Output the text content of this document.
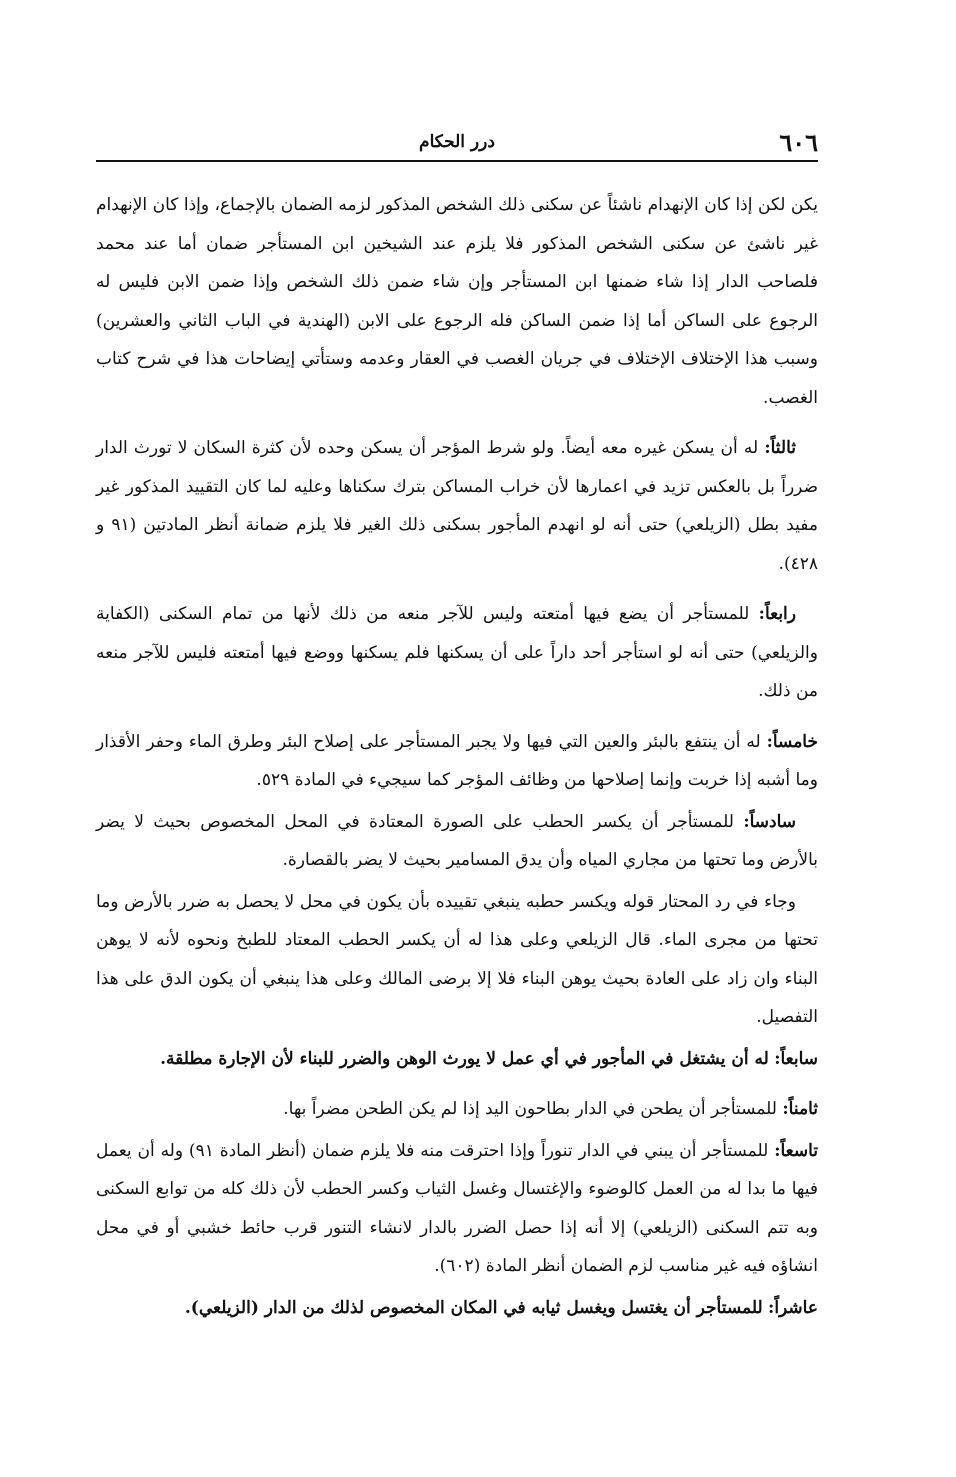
٦٠٦
درر الحكام

يكن لكن إذا كان الإنهدام ناشئاً عن سكنى ذلك الشخص المذكور لزمه الضمان بالإجماع، وإذا كان الإنهدام غير ناشئ عن سكنى الشخص المذكور فلا يلزم عند الشيخين ابن المستأجر ضمان أما عند محمد فلصاحب الدار إذا شاء ضمنها ابن المستأجر وإن شاء ضمن ذلك الشخص وإذا ضمن الابن فليس له الرجوع على الساكن أما إذا ضمن الساكن فله الرجوع على الابن (الهندية في الباب الثاني والعشرين) وسبب هذا الإختلاف الإختلاف في جريان الغصب في العقار وعدمه وستأتي إيضاحات هذا في شرح كتاب الغصب.

ثالثاً: له أن يسكن غيره معه أيضاً. ولو شرط المؤجر أن يسكن وحده لأن كثرة السكان لا تورث الدار ضرراً بل بالعكس تزيد في اعمارها لأن خراب المساكن بترك سكناها وعليه لما كان التقييد المذكور غير مفيد بطل (الزيلعي) حتى أنه لو انهدم المأجور بسكنى ذلك الغير فلا يلزم ضمانة أنظر المادتين (٩١ و ٤٢٨).

رابعاً: للمستأجر أن يضع فيها أمتعته وليس للآجر منعه من ذلك لأنها من تمام السكنى (الكفاية والزيلعي) حتى أنه لو استأجر أحد داراً على أن يسكنها فلم يسكنها ووضع فيها أمتعته فليس للآجر منعه من ذلك.

خامساً: له أن ينتفع بالبئر والعين التي فيها ولا يجبر المستأجر على إصلاح البئر وطرق الماء وحفر الأقذار وما أشبه إذا خربت وإنما إصلاحها من وظائف المؤجر كما سيجيء في المادة ٥٢٩.

سادساً: للمستأجر أن يكسر الحطب على الصورة المعتادة في المحل المخصوص بحيث لا يضر بالأرض وما تحتها من مجاري المياه وأن يدق المسامير بحيث لا يضر بالقصارة.

وجاء في رد المحتار قوله ويكسر حطبه ينبغي تقييده بأن يكون في محل لا يحصل به ضرر بالأرض وما تحتها من مجرى الماء. قال الزيلعي وعلى هذا له أن يكسر الحطب المعتاد للطبخ ونحوه لأنه لا يوهن البناء وان زاد على العادة بحيث يوهن البناء فلا إلا برضى المالك وعلى هذا ينبغي أن يكون الدق على هذا التفصيل.

سابعاً: له أن يشتغل في المأجور في أي عمل لا يورث الوهن والضرر للبناء لأن الإجارة مطلقة.

ثامناً: للمستأجر أن يطحن في الدار بطاحون اليد إذا لم يكن الطحن مضراً بها.

تاسعاً: للمستأجر أن يبني في الدار تنوراً وإذا احترقت منه فلا يلزم ضمان (أنظر المادة ٩١) وله أن يعمل فيها ما بدا له من العمل كالوضوء والإغتسال وغسل الثياب وكسر الحطب لأن ذلك كله من توابع السكنى وبه تتم السكنى (الزيلعي) إلا أنه إذا حصل الضرر بالدار لانشاء التنور قرب حائط خشبي أو في محل انشاؤه فيه غير مناسب لزم الضمان أنظر المادة (٦٠٢).

عاشراً: للمستأجر أن يغتسل ويغسل ثيابه في المكان المخصوص لذلك من الدار (الزيلعي).
